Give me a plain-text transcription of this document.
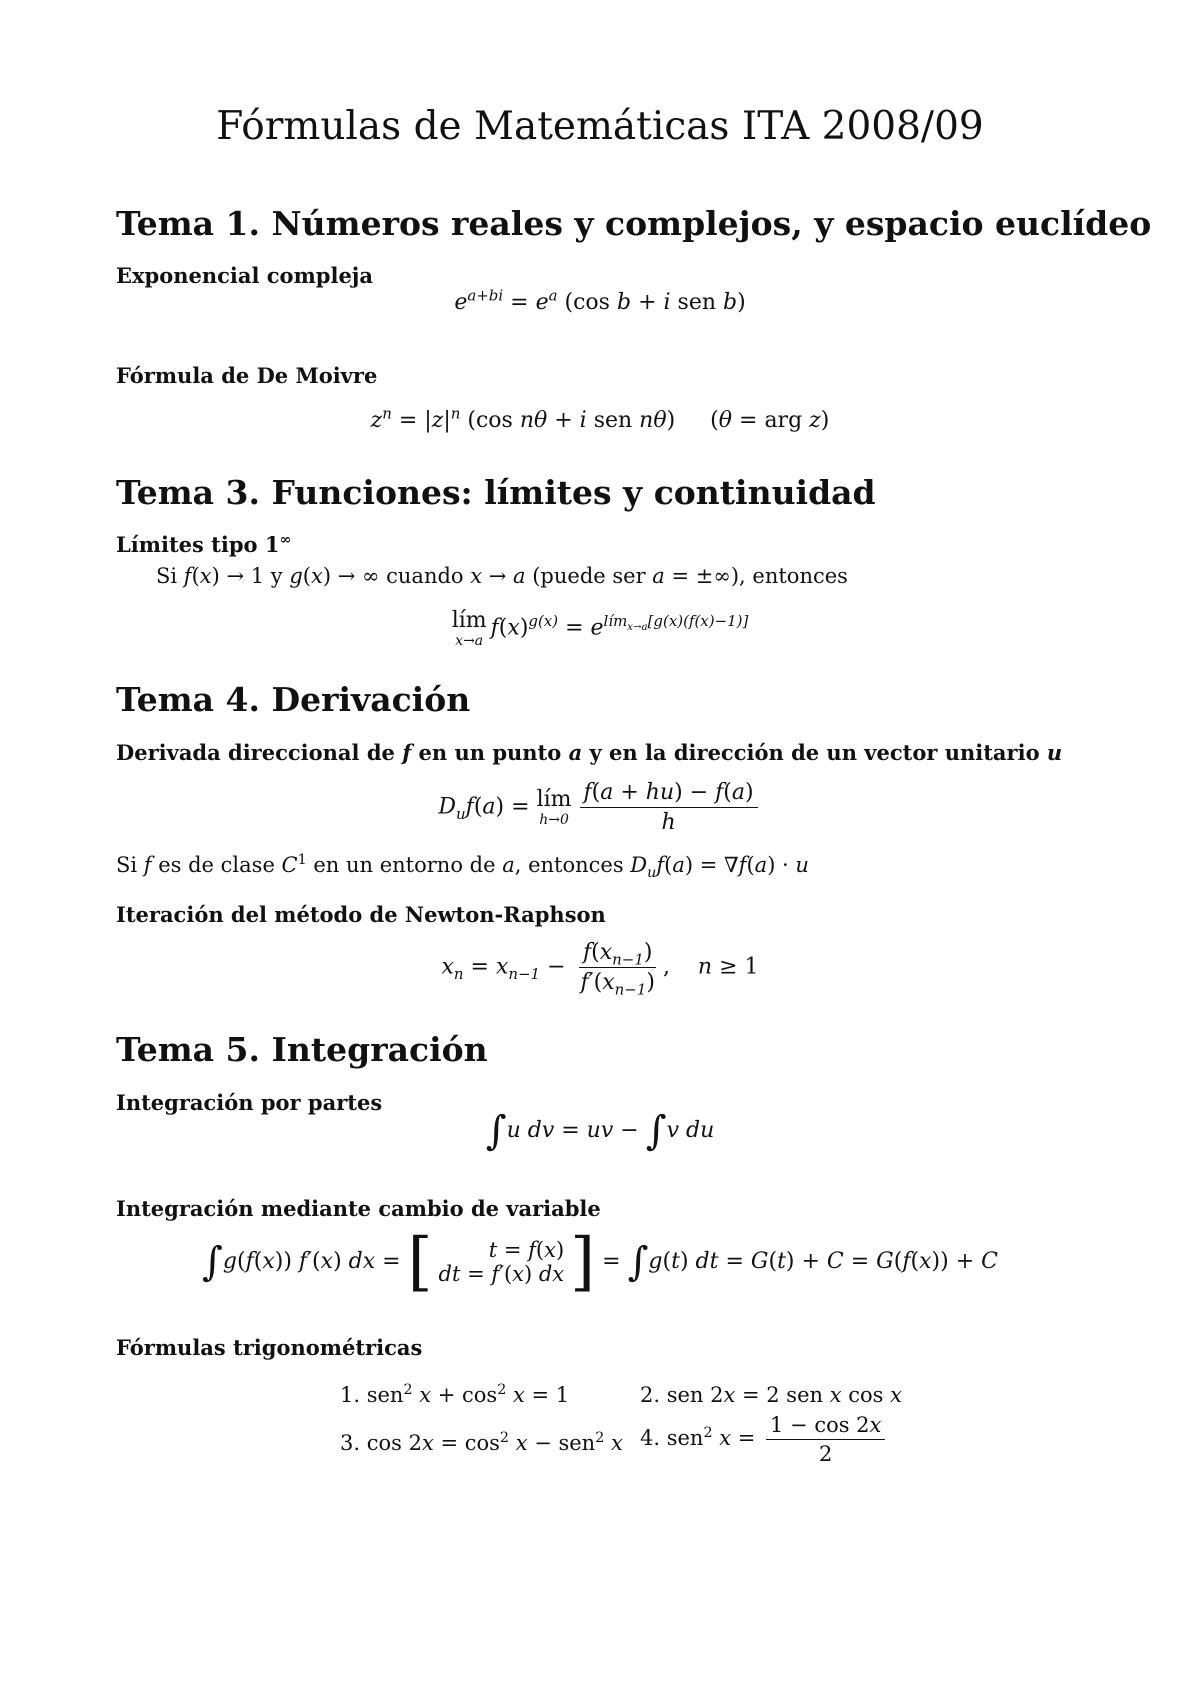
Fórmulas de Matemáticas ITA 2008/09
Tema 1. Números reales y complejos, y espacio euclídeo
Exponencial compleja
$e^{a+bi} = e^a$ (cos b + i sen b)
Fórmula de De Moivre
$z^n = |z|^n$ (cos nθ + i sen nθ) (θ = arg z)
Tema 3. Funciones: límites y continuidad
Límites tipo 1∞
Si f(x) → 1 y g(x) → ∞ cuando x → a (puede ser a = ±∞), entonces
lím
x→a
$f(x)^{g(x)} = e^{lím_{x\to a}[g(x)(f(x)-1)]}$
Tema 4. Derivación
Derivada direccional de f en un punto a y en la dirección de un vector unitario u
$D_uf(a)$ = lím
$h\to 0 \frac{f(a + hu) - f(a)}{h}$
Si f es de clase $C^1$ en un entorno de a, entonces $D_uf(a) = \nabla f(a) \cdot u$
Iteración del método de Newton-Raphson
$x_n = x_{n-1} - \frac{f(x_{n-1})}{f'(x_{n-1})}$ ,    n ≥ 1
Tema 5. Integración
Integración por partes
∫u dv = uv − ∫v du
Integración mediante cambio de variable
∫g(f(x)) f′(x) dx = [	t = f(x)
dt = f′(x) dx ] = ∫g(t) dt = G(t) + C = G(f(x)) + C
Fórmulas trigonométricas
1. sen$^2$ $x + \cos^2 x = 1$	2. sen 2x = 2 sen x cos x
3. $\cos 2x = \cos^2 x - sen^2$ x 4. sen$^2$ $x = \frac{1 - \cos 2x}{2}$
